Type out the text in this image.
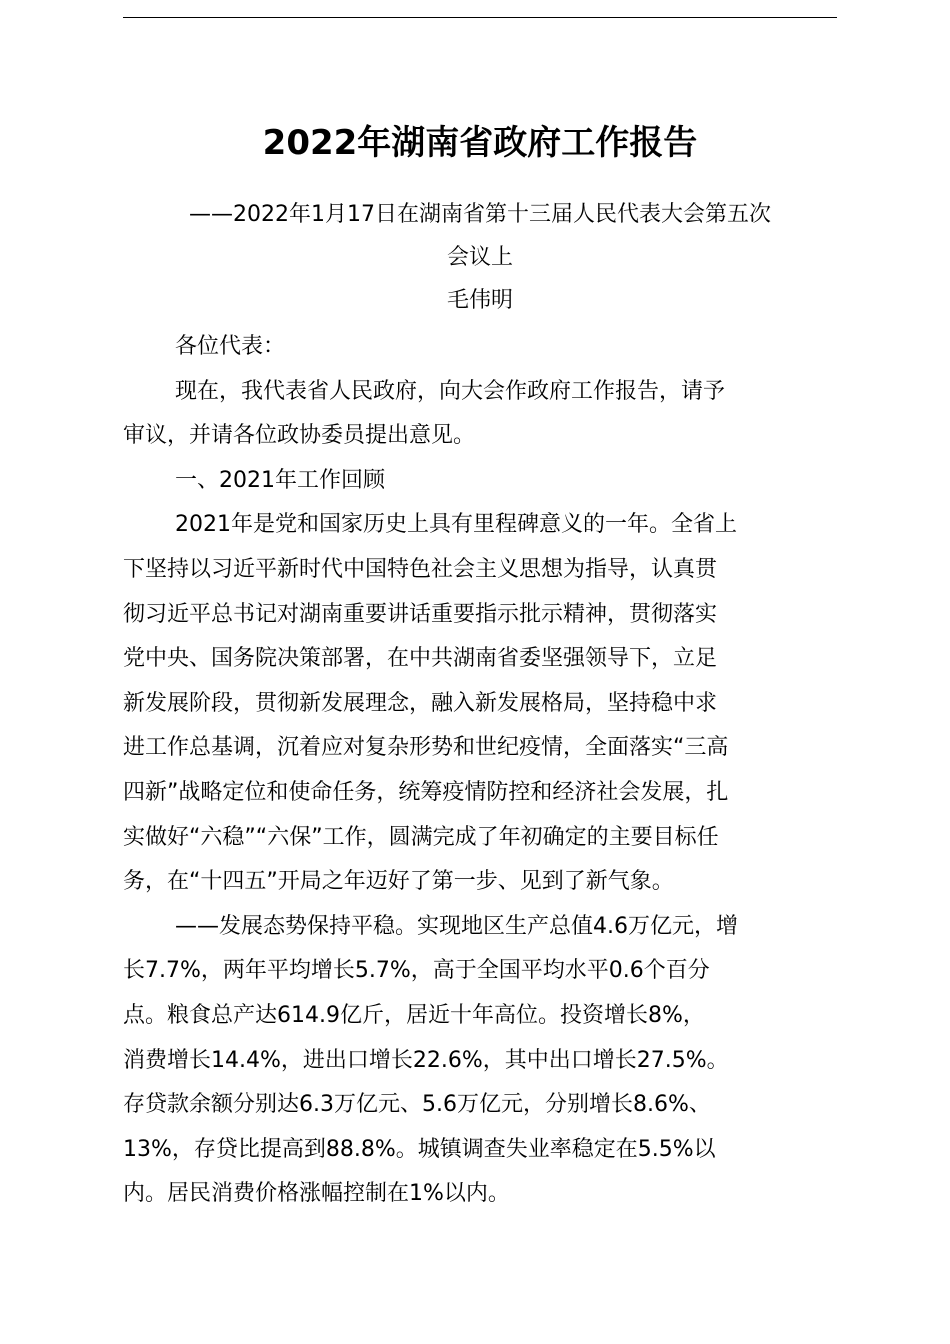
2022年湖南省政府工作报告
——2022年1月17日在湖南省第十三届人民代表大会第五次
会议上
毛伟明
各位代表：
现在，我代表省人民政府，向大会作政府工作报告，请予
审议，并请各位政协委员提出意见。
一、2021年工作回顾
2021年是党和国家历史上具有里程碑意义的一年。全省上
下坚持以习近平新时代中国特色社会主义思想为指导，认真贯
彻习近平总书记对湖南重要讲话重要指示批示精神，贯彻落实
党中央、国务院决策部署，在中共湖南省委坚强领导下，立足
新发展阶段，贯彻新发展理念，融入新发展格局，坚持稳中求
进工作总基调，沉着应对复杂形势和世纪疫情，全面落实“三高
四新”战略定位和使命任务，统筹疫情防控和经济社会发展，扎
实做好“六稳”“六保”工作，圆满完成了年初确定的主要目标任
务，在“十四五”开局之年迈好了第一步、见到了新气象。
——发展态势保持平稳。实现地区生产总值4.6万亿元，增
长7.7%，两年平均增长5.7%，高于全国平均水平0.6个百分
点。粮食总产达614.9亿斤，居近十年高位。投资增长8%，
消费增长14.4%，进出口增长22.6%，其中出口增长27.5%。
存贷款余额分别达6.3万亿元、5.6万亿元，分别增长8.6%、
13%，存贷比提高到88.8%。城镇调查失业率稳定在5.5%以
内。居民消费价格涨幅控制在1%以内。
